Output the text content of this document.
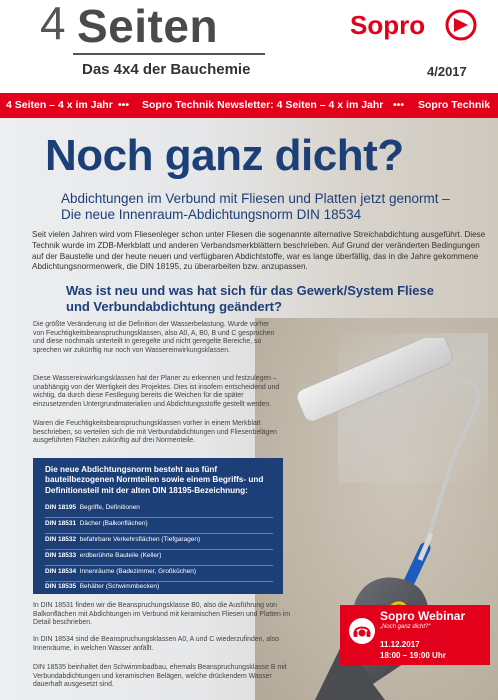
4 Seiten
Das 4x4 der Bauchemie
Sopro
4/2017
4 Seiten – 4 x im Jahr ••• Sopro Technik Newsletter: 4 Seiten – 4 x im Jahr ••• Sopro Technik
Noch ganz dicht?
Abdichtungen im Verbund mit Fliesen und Platten jetzt genormt –
Die neue Innenraum-Abdichtungsnorm DIN 18534
Seit vielen Jahren wird vom Fliesenleger schon unter Fliesen die sogenannte alternative Streichabdichtung ausgeführt. Diese Technik wurde im ZDB-Merkblatt und anderen Verbandsmerkblättern beschrieben. Auf Grund der veränderten Bedingungen auf der Baustelle und der heute neuen und verfügbaren Abdichtstoffe, war es lange überfällig, das in die Jahre gekommene Abdichtungsnormenwerk, die DIN 18195, zu überarbeiten bzw. anzupassen.
Was ist neu und was hat sich für das Gewerk/System Fliese
und Verbundabdichtung geändert?
Die größte Veränderung ist die Definition der Wasserbelastung. Wurde vorher von Feuchtigkeitsbeanspruchungsklassen, also A0, A, B0, B und C gesprochen und diese nochmals unterteilt in geregelte und nicht geregelte Bereiche, so sprechen wir zukünftig nur noch von Wassereinwirkungsklassen.
Diese Wassereinwirkungsklassen hat der Planer zu erkennen und festzulegen – unabhängig von der Wertigkeit des Projektes. Dies ist insofern entscheidend und wichtig, da durch diese Festlegung bereits die Weichen für die später einzusetzenden Untergrundmaterialien und Abdichtungsstoffe gestellt werden.
Waren die Feuchtigkeitsbeanspruchungsklassen vorher in einem Merkblatt beschrieben, so verteilen sich die mit Verbundabdichtungen und Fliesenbelägen ausgeführten Flächen zukünftig auf drei Normenteile.
Die neue Abdichtungsnorm besteht aus fünf bauteilbezogenen Normteilen sowie einem Begriffs- und Definitionsteil mit der alten DIN 18195-Bezeichnung:
DIN 18195 Begriffe, Definitionen
DIN 18531 Dächer (Balkonflächen)
DIN 18532 befahrbare Verkehrsflächen (Tiefgaragen)
DIN 18533 erdberührte Bauteile (Keller)
DIN 18534 Innenräume (Badezimmer, Großküchen)
DIN 18535 Behälter (Schwimmbecken)
In DIN 18531 finden wir die Beanspruchungsklasse B0, also die Ausführung von Balkonflächen mit Abdichtungen im Verbund mit keramischen Fliesen und Platten im Detail beschrieben.
In DIN 18534 sind die Beanspruchungsklassen A0, A und C wiederzufinden, also Innenräume, in welchen Wasser anfällt.
DIN 18535 beinhaltet den Schwimmbadbau, ehemals Beanspruchungsklasse B mit Verbundabdichtungen und keramischen Belägen, welche drückendem Wasser dauerhaft ausgesetzt sind.
Sopro Webinar
„Noch ganz dicht?“
11.12.2017
18:00 – 19:00 Uhr
